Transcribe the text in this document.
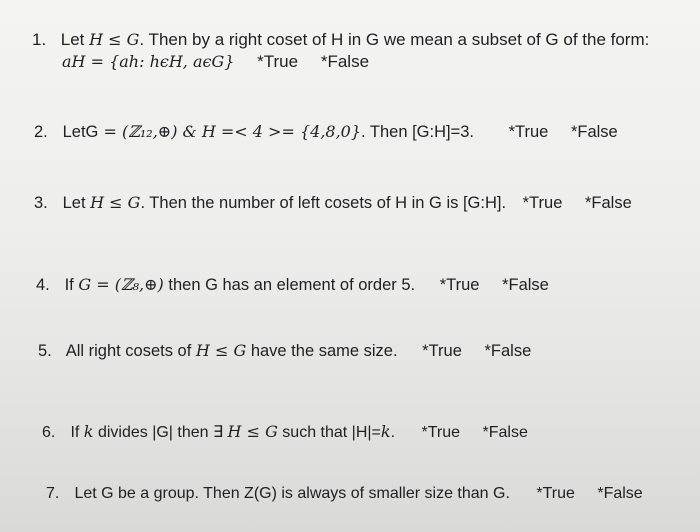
1. Let H ≤ G. Then by a right coset of H in G we mean a subset of G of the form:
aH = {ah: hϵH, aϵG} *True *False
2. LetG = (ℤ₁₂,⊕) & H =< 4 >= {4,8,0}. Then [G:H]=3. *True *False
3. Let H ≤ G. Then the number of left cosets of H in G is [G:H]. *True *False
4. If G = (ℤ₈,⊕) then G has an element of order 5. *True *False
5. All right cosets of H ≤ G have the same size. *True *False
6. If k divides |G| then ∃ H ≤ G such that |H|=k. *True *False
7. Let G be a group. Then Z(G) is always of smaller size than G. *True *False
